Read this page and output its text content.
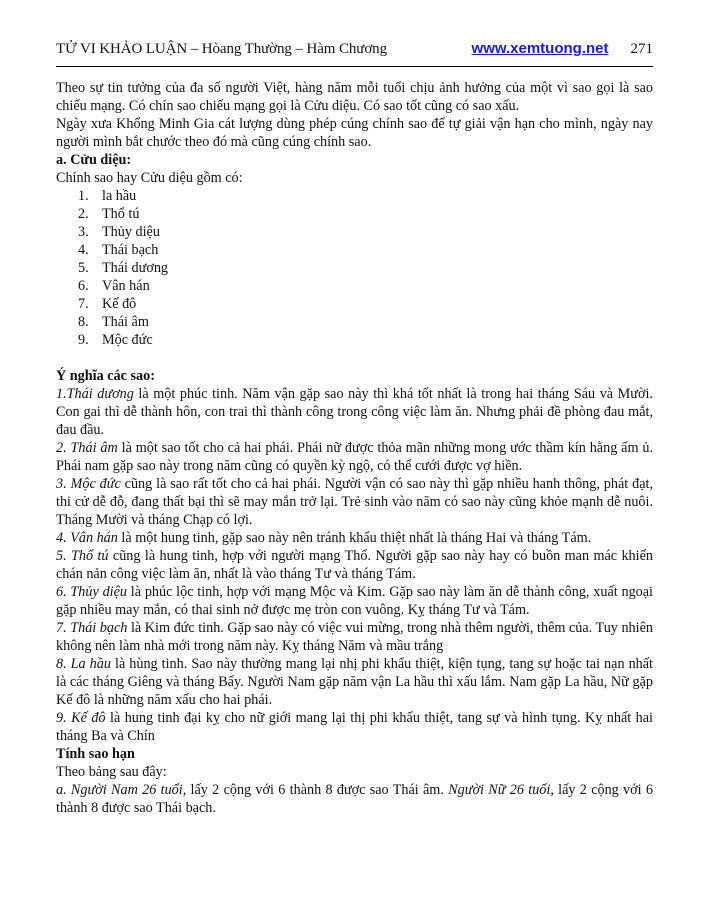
TỬ VI KHẢO LUẬN – Hòang Thường – Hàm Chương	www.xemtuong.net 271

Theo sự tin tưởng của đa số người Việt, hàng năm mỗi tuổi chịu ảnh hưởng của một vì sao gọi là sao chiếu mạng. Có chín sao chiếu mạng gọi là Cửu diệu. Có sao tốt cũng có sao xấu.

Ngày xưa Khổng Minh Gia cát lượng dùng phép cúng chính sao để tự giải vận hạn cho mình, ngày nay người mình bắt chước theo đó mà cũng cúng chính sao.

a. Cửu diệu:

Chính sao hay Cửu diệu gồm có:

1. la hầu
2. Thổ tú
3. Thủy diệu
4. Thái bạch
5. Thái dương
6. Vân hán
7. Kế đô
8. Thái âm
9. Mộc đức

Ý nghĩa các sao:

1.Thái dương là một phúc tinh. Năm vận gặp sao này thì khá tốt nhất là trong hai tháng Sáu và Mười. Con gai thì dễ thành hôn, con trai thì thành công trong công việc làm ăn. Nhưng phải đề phòng đau mắt, đau đầu.

2. Thái âm là một sao tốt cho cả hai phái. Phái nữ được thỏa mãn những mong ước thầm kín hằng ấm ủ. Phái nam gặp sao này trong năm cũng có quyền kỳ ngộ, có thể cưới được vợ hiền.

3. Mộc đức cũng là sao rất tốt cho cả hai phái. Người vận có sao này thì gặp nhiều hanh thông, phát đạt, thi cử dễ đỗ, đang thất bại thì sẽ may mắn trở lại. Trẻ sinh vào năm có sao này cũng khỏe mạnh dễ nuôi. Tháng Mười và tháng Chạp có lợi.

4. Vân hán là một hung tinh, gặp sao này nên tránh khẩu thiệt nhất là tháng Hai và tháng Tám.

5. Thổ tú cũng là hung tinh, hợp với người mạng Thổ. Người gặp sao này hay có buồn man mác khiến chán nản công việc làm ăn, nhất là vào tháng Tư và tháng Tám.

6. Thủy diệu là phúc lộc tinh, hợp với mạng Mộc và Kim. Gặp sao này làm ăn dễ thành công, xuất ngoại gặp nhiều may mắn, có thai sinh nở được mẹ tròn con vuông. Kỵ tháng Tư và Tám.

7. Thái bạch là Kim đức tinh. Gặp sao này có việc vui mừng, trong nhà thêm người, thêm của. Tuy nhiên không nên làm nhà mới trong năm này. Kỵ tháng Năm và mầu trắng

8. La hầu là hùng tinh. Sao này thường mang lại nhị phi khẩu thiệt, kiện tụng, tang sự hoặc tai nạn nhất là các tháng Giêng và tháng Bẩy. Người Nam gặp năm vận La hầu thì xấu lắm. Nam gặp La hầu, Nữ gặp Kế đô là những năm xấu cho hai phái.

9. Kế đô là hung tinh đại kỵ cho nữ giới mang lại thị phi khẩu thiệt, tang sự và hình tụng. Kỵ nhất hai tháng Ba và Chín

Tính sao hạn

Theo bảng sau đây:

a. Người Nam 26 tuổi, lấy 2 cộng với 6 thành 8 được sao Thái âm. Người Nữ 26 tuổi, lấy 2 cộng với 6 thành 8 được sao Thái bạch.
